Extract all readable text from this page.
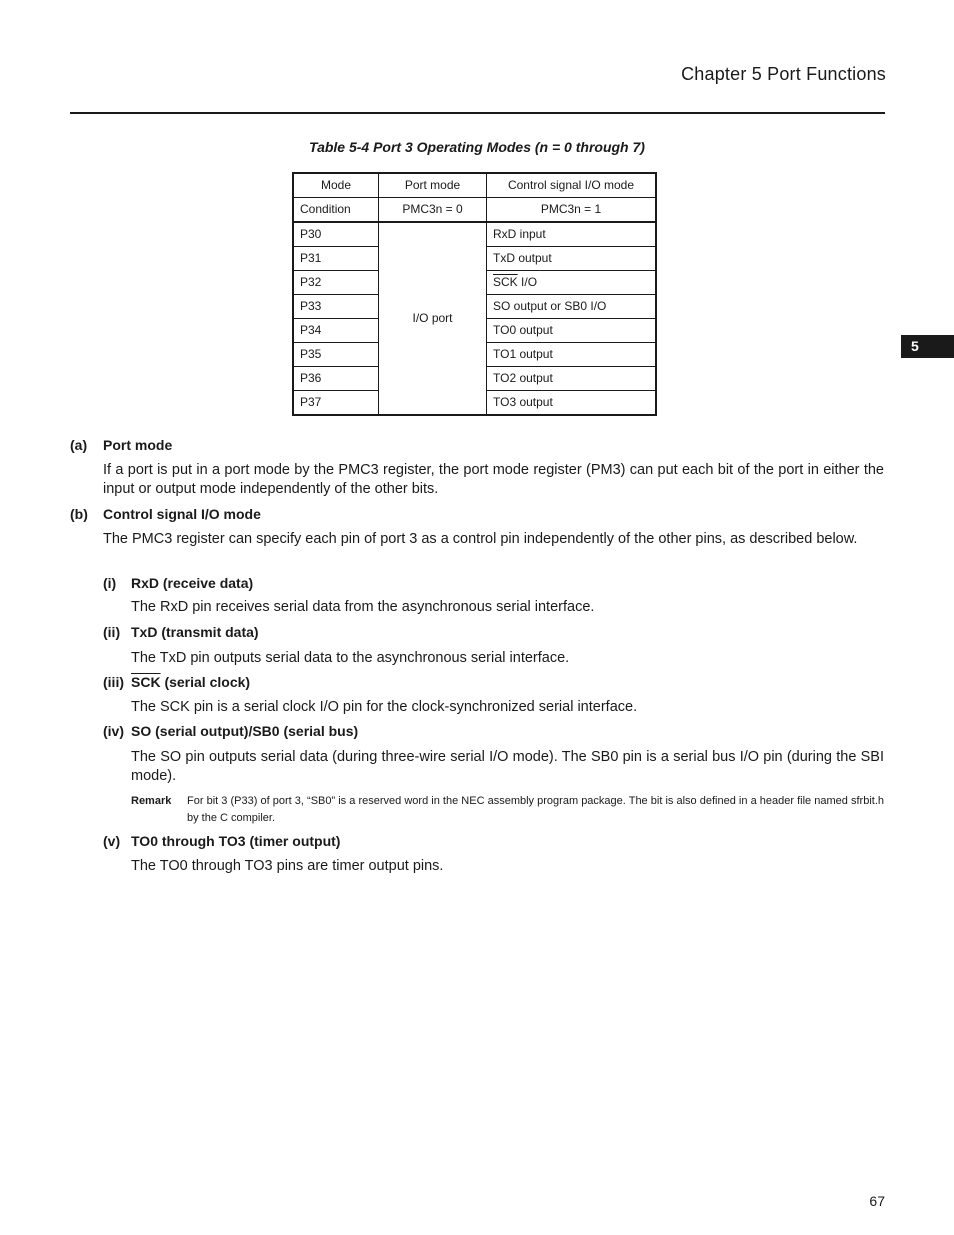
Chapter 5 Port Functions
5
Table 5-4 Port 3 Operating Modes (n = 0 through 7)
Mode	Port mode	Control signal I/O mode
Condition	PMC3n = 0	PMC3n = 1
P30	I/O port	RxD input
P31		TxD output
P32		$\overline{SCK}$ I/O
P33		SO output or SB0 I/O
P34		TO0 output
P35		TO1 output
P36		TO2 output
P37		TO3 output
(a) Port mode
If a port is put in a port mode by the PMC3 register, the port mode register (PM3) can put each bit of the port in either the input or output mode independently of the other bits.
(b) Control signal I/O mode
The PMC3 register can specify each pin of port 3 as a control pin independently of the other pins, as described below.
(i) RxD (receive data)
The RxD pin receives serial data from the asynchronous serial interface.
(ii) TxD (transmit data)
The TxD pin outputs serial data to the asynchronous serial interface.
(iii) $\overline{SCK}$ (serial clock)
The SCK pin is a serial clock I/O pin for the clock-synchronized serial interface.
(iv) SO (serial output)/SB0 (serial bus)
The SO pin outputs serial data (during three-wire serial I/O mode). The SB0 pin is a serial bus I/O pin (during the SBI mode).
Remark For bit 3 (P33) of port 3, “SB0” is a reserved word in the NEC assembly program package. The bit is also defined in a header file named sfrbit.h by the C compiler.
(v) TO0 through TO3 (timer output)
The TO0 through TO3 pins are timer output pins.
67
